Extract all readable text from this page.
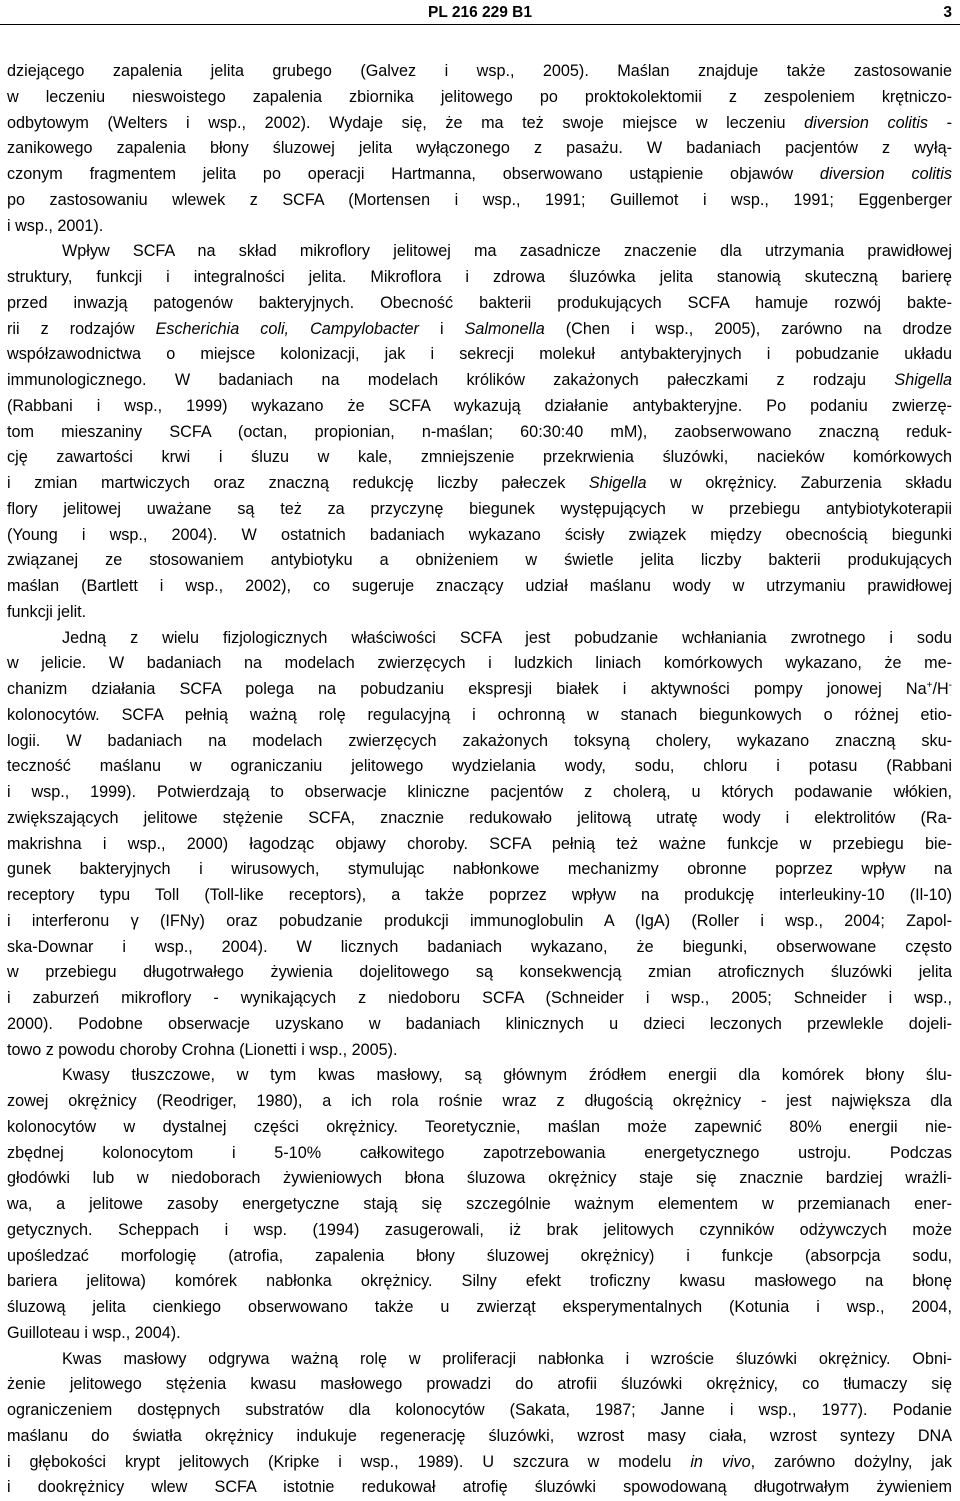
PL 216 229 B1	3
dziejącego zapalenia jelita grubego (Galvez i wsp., 2005). Maślan znajduje także zastosowanie
w leczeniu nieswoistego zapalenia zbiornika jelitowego po proktokolektomii z zespoleniem krętniczo-
odbytowym (Welters i wsp., 2002). Wydaje się, że ma też swoje miejsce w leczeniu diversion colitis -
zanikowego zapalenia błony śluzowej jelita wyłączonego z pasażu. W badaniach pacjentów z wyłą-
czonym fragmentem jelita po operacji Hartmanna, obserwowano ustąpienie objawów diversion colitis
po zastosowaniu wlewek z SCFA (Mortensen i wsp., 1991; Guillemot i wsp., 1991; Eggenberger
i wsp., 2001).
Wpływ SCFA na skład mikroflory jelitowej ma zasadnicze znaczenie dla utrzymania prawidłowej
struktury, funkcji i integralności jelita. Mikroflora i zdrowa śluzówka jelita stanowią skuteczną barierę
przed inwazją patogenów bakteryjnych. Obecność bakterii produkujących SCFA hamuje rozwój bakte-
rii z rodzajów Escherichia coli, Campylobacter i Salmonella (Chen i wsp., 2005), zarówno na drodze
współzawodnictwa o miejsce kolonizacji, jak i sekrecji molekuł antybakteryjnych i pobudzanie układu
immunologicznego. W badaniach na modelach królików zakażonych pałeczkami z rodzaju Shigella
(Rabbani i wsp., 1999) wykazano że SCFA wykazują działanie antybakteryjne. Po podaniu zwierzę-
tom mieszaniny SCFA (octan, propionian, n-maślan; 60:30:40 mM), zaobserwowano znaczną reduk-
cję zawartości krwi i śluzu w kale, zmniejszenie przekrwienia śluzówki, nacieków komórkowych
i zmian martwiczych oraz znaczną redukcję liczby pałeczek Shigella w okrężnicy. Zaburzenia składu
flory jelitowej uważane są też za przyczynę biegunek występujących w przebiegu antybiotykoterapii
(Young i wsp., 2004). W ostatnich badaniach wykazano ścisły związek między obecnością biegunki
związanej ze stosowaniem antybiotyku a obniżeniem w świetle jelita liczby bakterii produkujących
maślan (Bartlett i wsp., 2002), co sugeruje znaczący udział maślanu wody w utrzymaniu prawidłowej
funkcji jelit.
Jedną z wielu fizjologicznych właściwości SCFA jest pobudzanie wchłaniania zwrotnego i sodu
w jelicie. W badaniach na modelach zwierzęcych i ludzkich liniach komórkowych wykazano, że me-
chanizm działania SCFA polega na pobudzaniu ekspresji białek i aktywności pompy jonowej Na+/H-
kolonocytów. SCFA pełnią ważną rolę regulacyjną i ochronną w stanach biegunkowych o różnej etio-
logii. W badaniach na modelach zwierzęcych zakażonych toksyną cholery, wykazano znaczną sku-
teczność maślanu w ograniczaniu jelitowego wydzielania wody, sodu, chloru i potasu (Rabbani
i wsp., 1999). Potwierdzają to obserwacje kliniczne pacjentów z cholerą, u których podawanie włókien,
zwiększających jelitowe stężenie SCFA, znacznie redukowało jelitową utratę wody i elektrolitów (Ra-
makrishna i wsp., 2000) łagodząc objawy choroby. SCFA pełnią też ważne funkcje w przebiegu bie-
gunek bakteryjnych i wirusowych, stymulując nabłonkowe mechanizmy obronne poprzez wpływ na
receptory typu Toll (Toll-like receptors), a także poprzez wpływ na produkcję interleukiny-10 (Il-10)
i interferonu γ (IFNy) oraz pobudzanie produkcji immunoglobulin A (IgA) (Roller i wsp., 2004; Zapol-
ska-Downar i wsp., 2004). W licznych badaniach wykazano, że biegunki, obserwowane często
w przebiegu długotrwałego żywienia dojelitowego są konsekwencją zmian atroficznych śluzówki jelita
i zaburzeń mikroflory - wynikających z niedoboru SCFA (Schneider i wsp., 2005; Schneider i wsp.,
2000). Podobne obserwacje uzyskano w badaniach klinicznych u dzieci leczonych przewlekle dojeli-
towo z powodu choroby Crohna (Lionetti i wsp., 2005).
Kwasy tłuszczowe, w tym kwas masłowy, są głównym źródłem energii dla komórek błony ślu-
zowej okrężnicy (Reodriger, 1980), a ich rola rośnie wraz z długością okrężnicy - jest największa dla
kolonocytów w dystalnej części okrężnicy. Teoretycznie, maślan może zapewnić 80% energii nie-
zbędnej kolonocytom i 5-10% całkowitego zapotrzebowania energetycznego ustroju. Podczas
głodówki lub w niedoborach żywieniowych błona śluzowa okrężnicy staje się znacznie bardziej wrażli-
wa, a jelitowe zasoby energetyczne stają się szczególnie ważnym elementem w przemianach ener-
getycznych. Scheppach i wsp. (1994) zasugerowali, iż brak jelitowych czynników odżywczych może
upośledzać morfologię (atrofia, zapalenia błony śluzowej okrężnicy) i funkcje (absorpcja sodu,
bariera jelitowa) komórek nabłonka okrężnicy. Silny efekt troficzny kwasu masłowego na błonę
śluzową jelita cienkiego obserwowano także u zwierząt eksperymentalnych (Kotunia i wsp., 2004,
Guilloteau i wsp., 2004).
Kwas masłowy odgrywa ważną rolę w proliferacji nabłonka i wzroście śluzówki okrężnicy. Obni-
żenie jelitowego stężenia kwasu masłowego prowadzi do atrofii śluzówki okrężnicy, co tłumaczy się
ograniczeniem dostępnych substratów dla kolonocytów (Sakata, 1987; Janne i wsp., 1977). Podanie
maślanu do światła okrężnicy indukuje regenerację śluzówki, wzrost masy ciała, wzrost syntezy DNA
i głębokości krypt jelitowych (Kripke i wsp., 1989). U szczura w modelu in vivo, zarówno dożylny, jak
i dookrężnicy wlew SCFA istotnie redukował atrofię śluzówki spowodowaną długotrwałym żywieniem
